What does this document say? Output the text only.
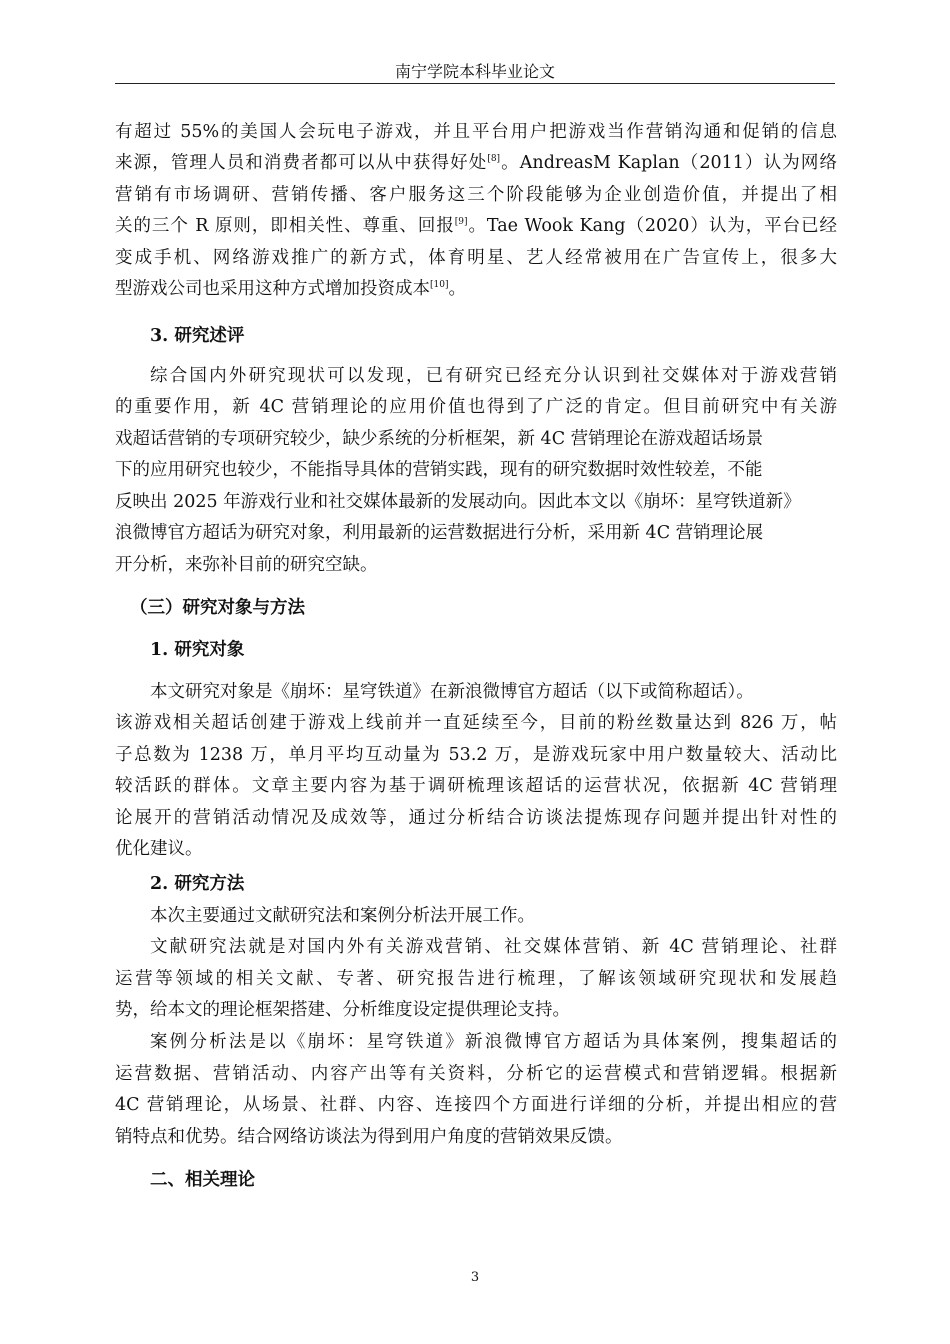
南宁学院本科毕业论文
有超过 55%的美国人会玩电子游戏，并且平台用户把游戏当作营销沟通和促销的信息
来源，管理人员和消费者都可以从中获得好处[8]。AndreasM Kaplan（2011）认为网络
营销有市场调研、营销传播、客户服务这三个阶段能够为企业创造价值，并提出了相
关的三个 R 原则，即相关性、尊重、回报[9]。Tae Wook Kang（2020）认为，平台已经
变成手机、网络游戏推广的新方式，体育明星、艺人经常被用在广告宣传上，很多大
型游戏公司也采用这种方式增加投资成本[10]。
3. 研究述评
综合国内外研究现状可以发现，已有研究已经充分认识到社交媒体对于游戏营销
的重要作用，新 4C 营销理论的应用价值也得到了广泛的肯定。但目前研究中有关游
戏超话营销的专项研究较少，缺少系统的分析框架，新 4C 营销理论在游戏超话场景
下的应用研究也较少，不能指导具体的营销实践，现有的研究数据时效性较差，不能
反映出 2025 年游戏行业和社交媒体最新的发展动向。因此本文以《崩坏：星穹铁道新》
浪微博官方超话为研究对象，利用最新的运营数据进行分析，采用新 4C 营销理论展
开分析，来弥补目前的研究空缺。
（三）研究对象与方法
1. 研究对象
本文研究对象是《崩坏：星穹铁道》在新浪微博官方超话（以下或简称超话）。
该游戏相关超话创建于游戏上线前并一直延续至今，目前的粉丝数量达到 826 万，帖
子总数为 1238 万，单月平均互动量为 53.2 万，是游戏玩家中用户数量较大、活动比
较活跃的群体。文章主要内容为基于调研梳理该超话的运营状况，依据新 4C 营销理
论展开的营销活动情况及成效等，通过分析结合访谈法提炼现存问题并提出针对性的
优化建议。
2. 研究方法
本次主要通过文献研究法和案例分析法开展工作。
文献研究法就是对国内外有关游戏营销、社交媒体营销、新 4C 营销理论、社群
运营等领域的相关文献、专著、研究报告进行梳理，了解该领域研究现状和发展趋
势，给本文的理论框架搭建、分析维度设定提供理论支持。
案例分析法是以《崩坏：星穹铁道》新浪微博官方超话为具体案例，搜集超话的
运营数据、营销活动、内容产出等有关资料，分析它的运营模式和营销逻辑。根据新
4C 营销理论，从场景、社群、内容、连接四个方面进行详细的分析，并提出相应的营
销特点和优势。结合网络访谈法为得到用户角度的营销效果反馈。
二、相关理论
3
